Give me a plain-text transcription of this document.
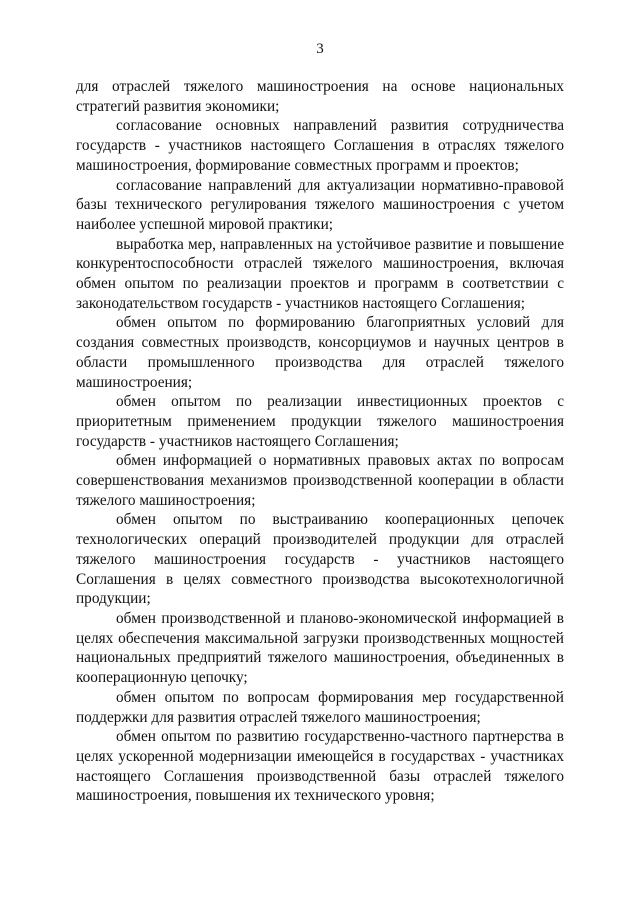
3

для отраслей тяжелого машиностроения на основе национальных стратегий развития экономики;

согласование основных направлений развития сотрудничества государств - участников настоящего Соглашения в отраслях тяжелого машиностроения, формирование совместных программ и проектов;

согласование направлений для актуализации нормативно-правовой базы технического регулирования тяжелого машиностроения с учетом наиболее успешной мировой практики;

выработка мер, направленных на устойчивое развитие и повышение конкурентоспособности отраслей тяжелого машиностроения, включая обмен опытом по реализации проектов и программ в соответствии с законодательством государств - участников настоящего Соглашения;

обмен опытом по формированию благоприятных условий для создания совместных производств, консорциумов и научных центров в области промышленного производства для отраслей тяжелого машиностроения;

обмен опытом по реализации инвестиционных проектов с приоритетным применением продукции тяжелого машиностроения государств - участников настоящего Соглашения;

обмен информацией о нормативных правовых актах по вопросам совершенствования механизмов производственной кооперации в области тяжелого машиностроения;

обмен опытом по выстраиванию кооперационных цепочек технологических операций производителей продукции для отраслей тяжелого машиностроения государств - участников настоящего Соглашения в целях совместного производства высокотехнологичной продукции;

обмен производственной и планово-экономической информацией в целях обеспечения максимальной загрузки производственных мощностей национальных предприятий тяжелого машиностроения, объединенных в кооперационную цепочку;

обмен опытом по вопросам формирования мер государственной поддержки для развития отраслей тяжелого машиностроения;

обмен опытом по развитию государственно-частного партнерства в целях ускоренной модернизации имеющейся в государствах - участниках настоящего Соглашения производственной базы отраслей тяжелого машиностроения, повышения их технического уровня;
